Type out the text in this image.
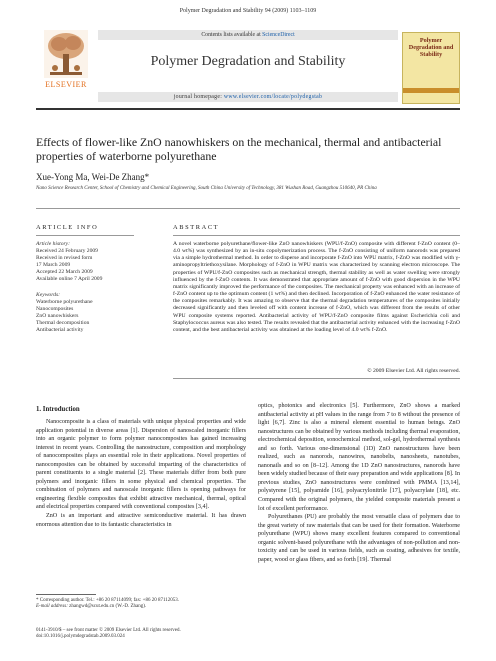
Polymer Degradation and Stability 94 (2009) 1103–1109
ELSEVIER
Contents lists available at ScienceDirect
Polymer Degradation and Stability
journal homepage: www.elsevier.com/locate/polydegstab
Polymer Degradation and Stability
Effects of flower-like ZnO nanowhiskers on the mechanical, thermal and antibacterial properties of waterborne polyurethane
Xue-Yong Ma, Wei-De Zhang*
Nano Science Research Center, School of Chemistry and Chemical Engineering, South China University of Technology, 381 Wushan Road, Guangzhou 510640, PR China
ARTICLE INFO	ABSTRACT
Article history:
Received 24 February 2009
Received in revised form
17 March 2009
Accepted 22 March 2009
Available online 7 April 2009
Keywords:
Waterborne polyurethane
Nanocomposites
ZnO nanowhiskers
Thermal decomposition
Antibacterial activity
A novel waterborne polyurethane/flower-like ZnO nanowhiskers (WPU/f-ZnO) composite with different f-ZnO content (0–4.0 wt%) was synthesized by an in-situ copolymerization process. The f-ZnO consisting of uniform nanorods was prepared via a simple hydrothermal method. In order to disperse and incorporate f-ZnO into WPU matrix, f-ZnO was modified with γ-aminopropyltriethoxysilane. Morphology of f-ZnO in WPU matrix was characterized by scanning electron microscope. The properties of WPU/f-ZnO composites such as mechanical strength, thermal stability as well as water swelling were strongly influenced by the f-ZnO contents. It was demonstrated that appropriate amount of f-ZnO with good dispersion in the WPU matrix significantly improved the performance of the composites. The mechanical property was enhanced with an increase of f-ZnO content up to the optimum content (1 wt%) and then declined. Incorporation of f-ZnO enhanced the water resistance of the composites remarkably. It was amazing to observe that the thermal degradation temperatures of the composites initially decreased significantly and then leveled off with content increase of f-ZnO, which was different from the results of other WPU composite systems reported. Antibacterial activity of WPU/f-ZnO composite films against Escherichia coli and Staphylococcus aureus was also tested. The results revealed that the antibacterial activity enhanced with the increasing f-ZnO content, and the best antibacterial activity was obtained at the loading level of 4.0 wt% f-ZnO.
© 2009 Elsevier Ltd. All rights reserved.
1. Introduction

Nanocomposite is a class of materials with unique physical properties and wide application potential in diverse areas [1]. Dispersion of nanoscaled inorganic fillers into an organic polymer to form polymer nanocomposites has gained increasing interest in recent years. Controlling the nanostructure, composition and morphology of nanocomposites plays an essential role in their applications. Novel properties of nanocomposites can be obtained by successful imparting of the characteristics of parent constituents to a single material [2]. These materials differ from both pure polymers and inorganic fillers in some physical and chemical properties. The combination of polymers and nanoscale inorganic fillers is opening pathways for engineering flexible composites that exhibit attractive mechanical, thermal, optical and electrical properties compared with conventional composites [3,4].

ZnO is an important and attractive semiconductive material. It has drawn enormous attention due to its fantastic characteristics in

optics, photonics and electronics [5]. Furthermore, ZnO shows a marked antibacterial activity at pH values in the range from 7 to 8 without the presence of light [6,7]. Zinc is also a mineral element essential to human beings. ZnO nanostructures can be obtained by various methods including thermal evaporation, electrochemical deposition, sonochemical method, sol-gel, hydrothermal synthesis and so forth. Various one-dimensional (1D) ZnO nanostructures have been realized, such as nanorods, nanowires, nanobelts, nanosheets, nanotubes, nanonails and so on [8–12]. Among the 1D ZnO nanostructures, nanorods have been widely studied because of their easy preparation and wide applications [8]. In previous studies, ZnO nanostructures were combined with PMMA [13,14], polystyrene [15], polyamide [16], polyacrylonitrile [17], polyacrylate [18], etc. Compared with the original polymers, the yielded composite materials present a lot of excellent performance.

Polyurethanes (PU) are probably the most versatile class of polymers due to the great variety of raw materials that can be used for their formation. Waterborne polyurethane (WPU) shows many excellent features compared to conventional organic solvent-based polyurethane with the advantages of non-pollution and non-toxicity and can be used in various fields, such as coating, adhesives for textile, paper, wood or glass fibers, and so forth [19]. Thermal

* Corresponding author. Tel.: +86 20 87114099; fax: +86 20 87112053.
E-mail address: zhangwd@scut.edu.cn (W.-D. Zhang).
0141-3910/$ – see front matter © 2009 Elsevier Ltd. All rights reserved.
doi:10.1016/j.polymdegradstab.2009.03.024
